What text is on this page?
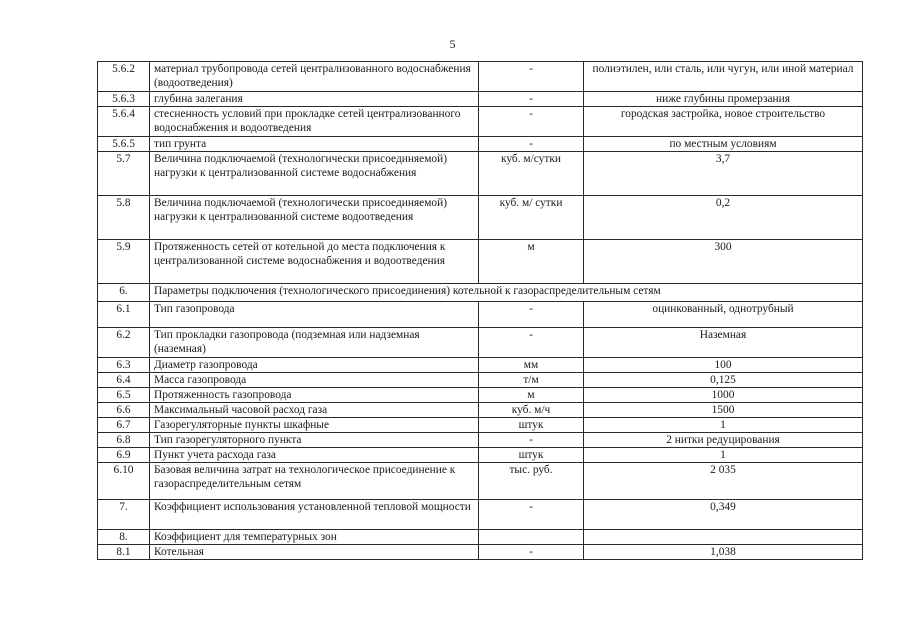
5
5.6.2	материал трубопровода сетей централизованного водоснабжения (водоотведения)	-	полиэтилен, или сталь, или чугун, или иной материал
5.6.3	глубина залегания	-	ниже глубины промерзания
5.6.4	стесненность условий при прокладке сетей централизованного водоснабжения и водоотведения	-	городская застройка, новое строительство
5.6.5	тип грунта	-	по местным условиям
5.7	Величина подключаемой (технологически присоединяемой) нагрузки к централизованной системе водоснабжения	куб. м/сутки	3,7
5.8	Величина подключаемой (технологически присоединяемой) нагрузки к централизованной системе водоотведения	куб. м/ сутки	0,2
5.9	Протяженность сетей от котельной до места подключения к централизованной системе водоснабжения и водоотведения	м	300
6.	Параметры подключения (технологического присоединения) котельной к газораспределительным сетям		
6.1	Тип газопровода	-	оцинкованный, однотрубный
6.2	Тип прокладки газопровода (подземная или надземная (наземная)	-	Наземная
6.3	Диаметр газопровода	мм	100
6.4	Масса газопровода	т/м	0,125
6.5	Протяженность газопровода	м	1000
6.6	Максимальный часовой расход газа	куб. м/ч	1500
6.7	Газорегуляторные пункты шкафные	штук	1
6.8	Тип газорегуляторного пункта	-	2 нитки редуцирования
6.9	Пункт учета расхода газа	штук	1
6.10	Базовая величина затрат на технологическое присоединение к газораспределительным сетям	тыс. руб.	2 035
7.	Коэффициент использования установленной тепловой мощности	-	0,349
8.	Коэффициент для температурных зон		
8.1	Котельная	-	1,038
